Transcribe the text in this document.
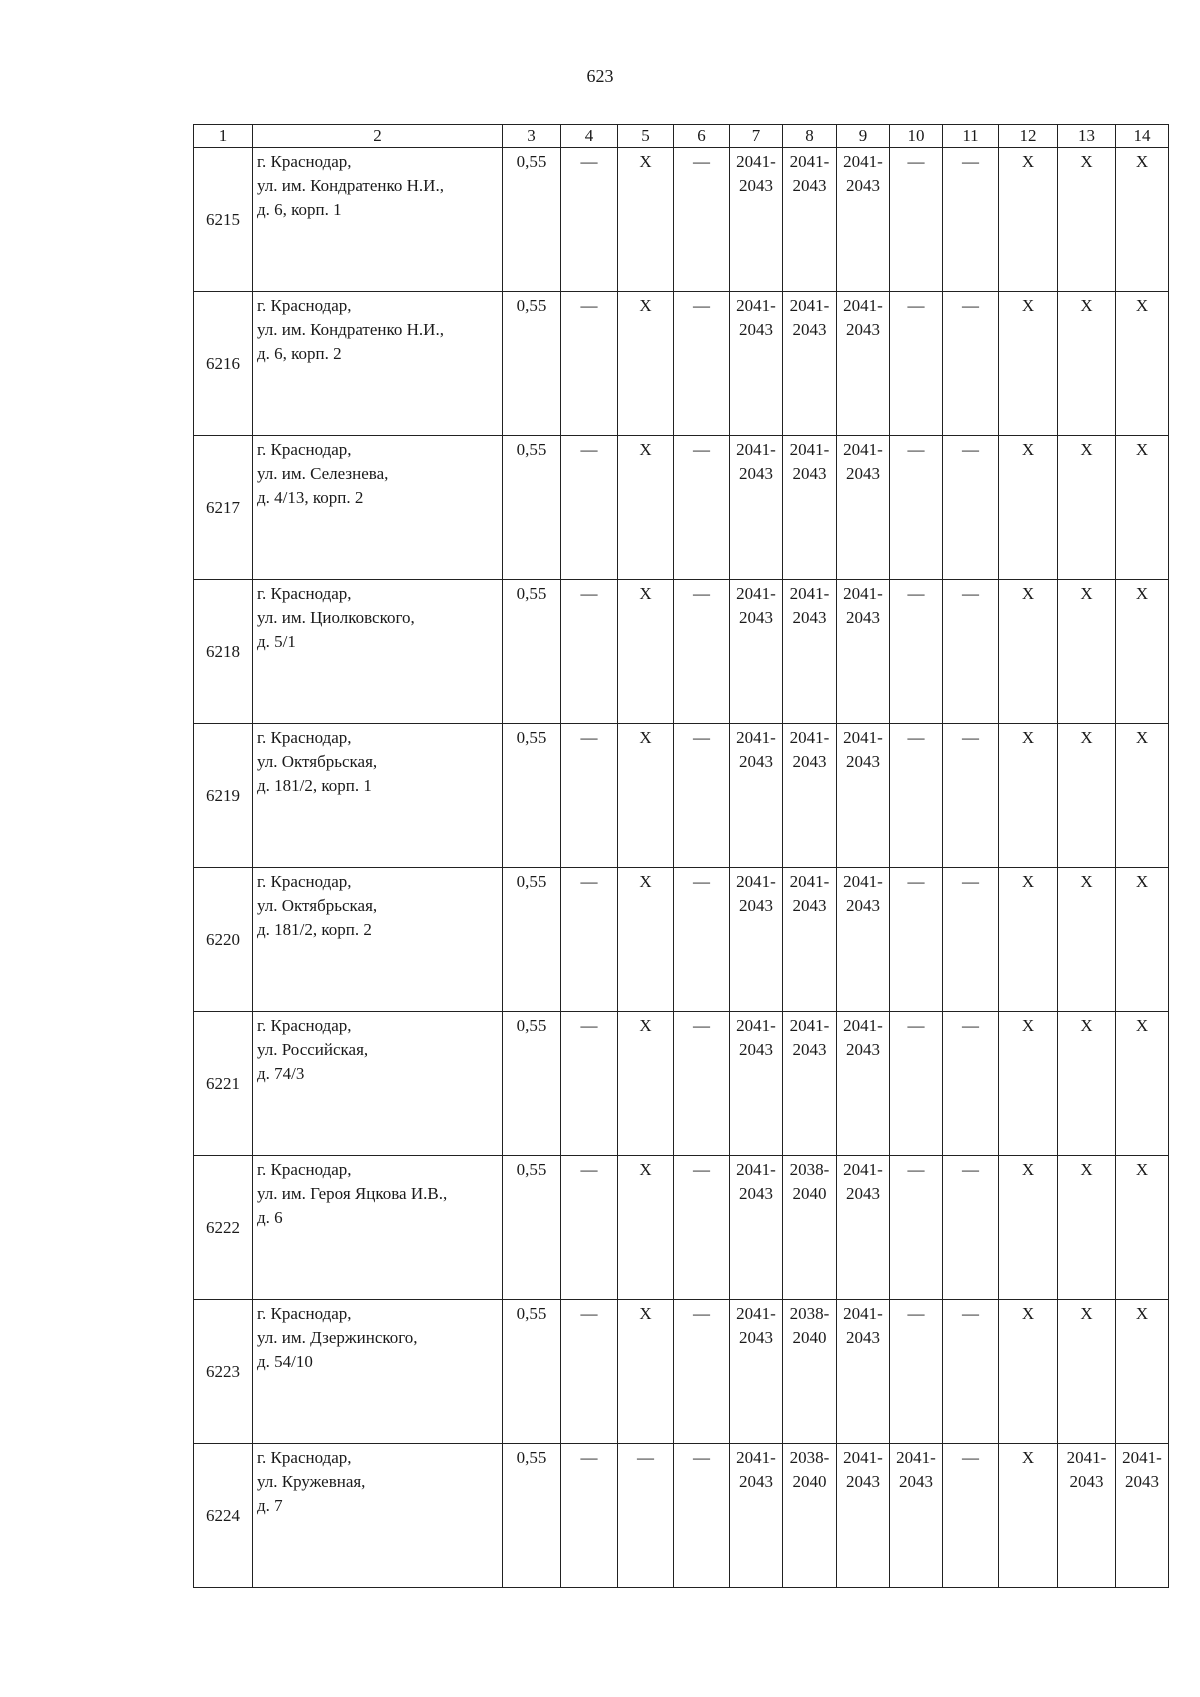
623
1	2	3	4	5	6	7	8	9	10	11	12	13	14
6215	г. Краснодар,
ул. им. Кондратенко Н.И.,
д. 6, корп. 1	0,55	—	Х	—	2041-
2043	2041-
2043	2041-
2043	—	—	Х	Х	Х
6216	г. Краснодар,
ул. им. Кондратенко Н.И.,
д. 6, корп. 2	0,55	—	Х	—	2041-
2043	2041-
2043	2041-
2043	—	—	Х	Х	Х
6217	г. Краснодар,
ул. им. Селезнева,
д. 4/13, корп. 2	0,55	—	Х	—	2041-
2043	2041-
2043	2041-
2043	—	—	Х	Х	Х
6218	г. Краснодар,
ул. им. Циолковского,
д. 5/1	0,55	—	Х	—	2041-
2043	2041-
2043	2041-
2043	—	—	Х	Х	Х
6219	г. Краснодар,
ул. Октябрьская,
д. 181/2, корп. 1	0,55	—	Х	—	2041-
2043	2041-
2043	2041-
2043	—	—	Х	Х	Х
6220	г. Краснодар,
ул. Октябрьская,
д. 181/2, корп. 2	0,55	—	Х	—	2041-
2043	2041-
2043	2041-
2043	—	—	Х	Х	Х
6221	г. Краснодар,
ул. Российская,
д. 74/3	0,55	—	Х	—	2041-
2043	2041-
2043	2041-
2043	—	—	Х	Х	Х
6222	г. Краснодар,
ул. им. Героя Яцкова И.В.,
д. 6	0,55	—	Х	—	2041-
2043	2038-
2040	2041-
2043	—	—	Х	Х	Х
6223	г. Краснодар,
ул. им. Дзержинского,
д. 54/10	0,55	—	Х	—	2041-
2043	2038-
2040	2041-
2043	—	—	Х	Х	Х
6224	г. Краснодар,
ул. Кружевная,
д. 7	0,55	—	—	—	2041-
2043	2038-
2040	2041-
2043	2041-
2043	—	Х	2041-
2043	2041-
2043
